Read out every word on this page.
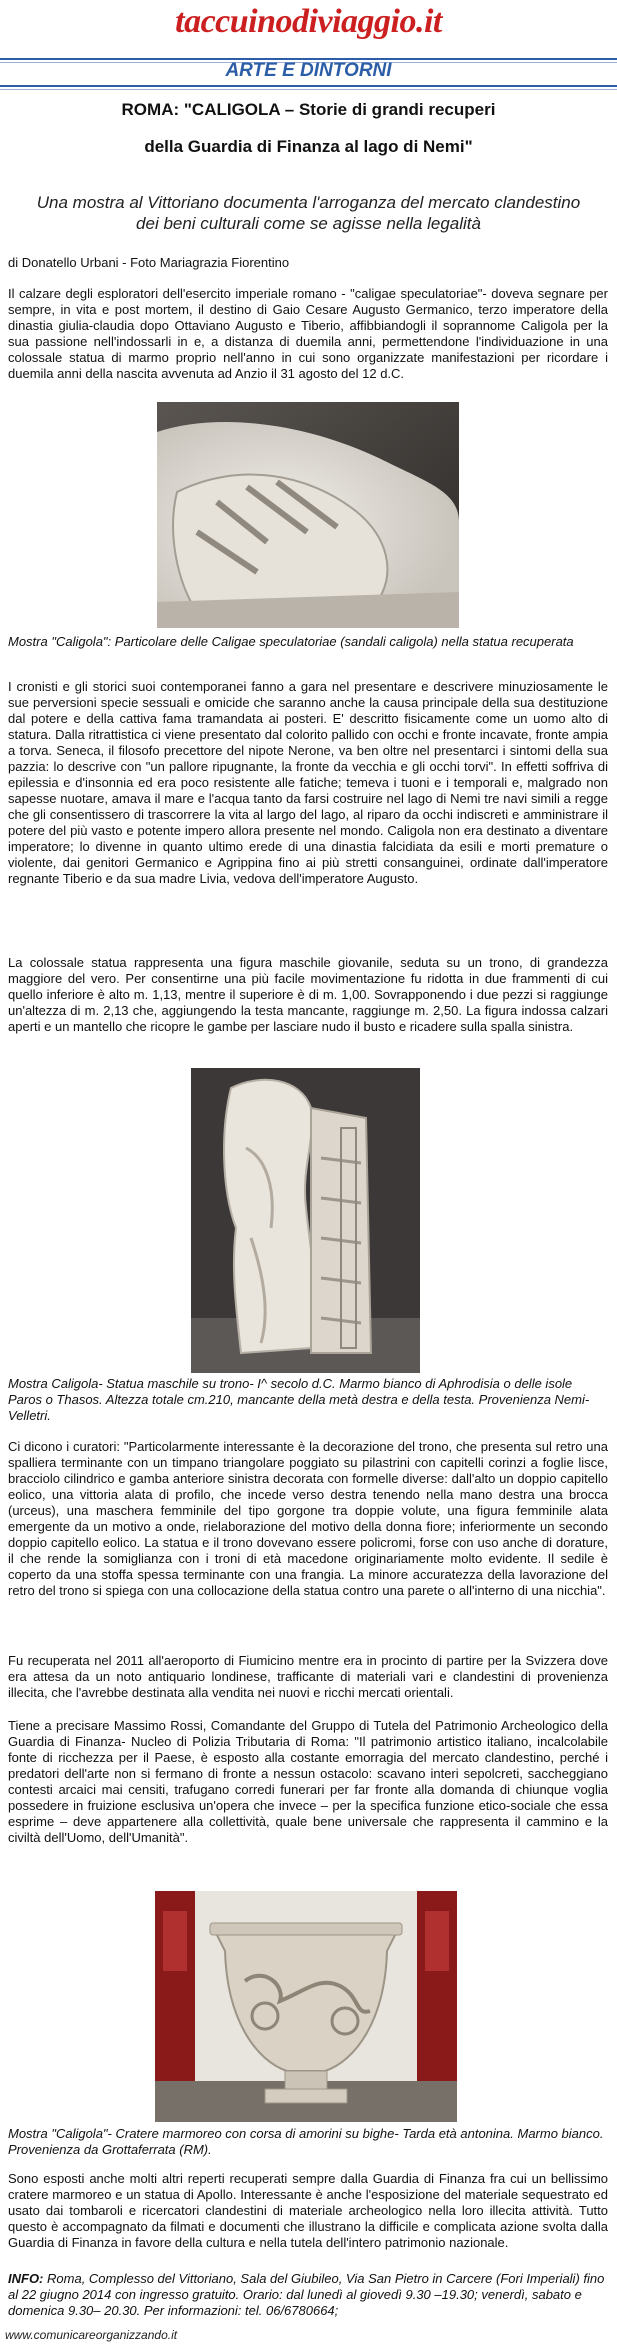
taccuinodiviaggio.it
ARTE E DINTORNI
ROMA: "CALIGOLA – Storie di grandi recuperi
della Guardia di Finanza al lago di Nemi"
Una mostra al Vittoriano documenta l'arroganza del mercato clandestino
dei beni culturali come se agisse nella legalità
di Donatello Urbani - Foto Mariagrazia Fiorentino
Il calzare degli esploratori dell'esercito imperiale romano - "caligae speculatoriae"- doveva segnare per sempre, in vita e post mortem, il destino di Gaio Cesare Augusto Germanico, terzo imperatore della dinastia giulia-claudia dopo Ottaviano Augusto e Tiberio, affibbiandogli il soprannome Caligola per la sua passione nell'indossarli in e, a distanza di duemila anni, permettendone l'individuazione in una colossale statua di marmo proprio nell'anno in cui sono organizzate manifestazioni per ricordare i duemila anni della nascita avvenuta ad Anzio il 31 agosto del 12 d.C.
Mostra "Caligola": Particolare delle Caligae speculatoriae (sandali caligola) nella statua recuperata
I cronisti e gli storici suoi contemporanei fanno a gara nel presentare e descrivere minuziosamente le sue perversioni specie sessuali e omicide che saranno anche la causa principale della sua destituzione dal potere e della cattiva fama tramandata ai posteri. E' descritto fisicamente come un uomo alto di statura. Dalla ritrattistica ci viene presentato dal colorito pallido con occhi e fronte incavate, fronte ampia a torva. Seneca, il filosofo precettore del nipote Nerone, va ben oltre nel presentarci i sintomi della sua pazzia: lo descrive con "un pallore ripugnante, la fronte da vecchia e gli occhi torvi". In effetti soffriva di epilessia e d'insonnia ed era poco resistente alle fatiche; temeva i tuoni e i temporali e, malgrado non sapesse nuotare, amava il mare e l'acqua tanto da farsi costruire nel lago di Nemi tre navi simili a regge che gli consentissero di trascorrere la vita al largo del lago, al riparo da occhi indiscreti e amministrare il potere del più vasto e potente impero allora presente nel mondo. Caligola non era destinato a diventare imperatore; lo divenne in quanto ultimo erede di una dinastia falcidiata da esili e morti premature o violente, dai genitori Germanico e Agrippina fino ai più stretti consanguinei, ordinate dall'imperatore regnante Tiberio e da sua madre Livia, vedova dell'imperatore Augusto.
La colossale statua rappresenta una figura maschile giovanile, seduta su un trono, di grandezza maggiore del vero. Per consentirne una più facile movimentazione fu ridotta in due frammenti di cui quello inferiore è alto m. 1,13, mentre il superiore è di m. 1,00. Sovrapponendo i due pezzi si raggiunge un'altezza di m. 2,13 che, aggiungendo la testa mancante, raggiunge m. 2,50. La figura indossa calzari aperti e un mantello che ricopre le gambe per lasciare nudo il busto e ricadere sulla spalla sinistra.
Mostra Caligola- Statua maschile su trono- I^ secolo d.C. Marmo bianco di Aphrodisia o delle isole Paros o Thasos. Altezza totale cm.210, mancante della metà destra e della testa. Provenienza Nemi-Velletri.
Ci dicono i curatori: "Particolarmente interessante è la decorazione del trono, che presenta sul retro una spalliera terminante con un timpano triangolare poggiato su pilastrini con capitelli corinzi a foglie lisce, bracciolo cilindrico e gamba anteriore sinistra decorata con formelle diverse: dall'alto un doppio capitello eolico, una vittoria alata di profilo, che incede verso destra tenendo nella mano destra una brocca (urceus), una maschera femminile del tipo gorgone tra doppie volute, una figura femminile alata emergente da un motivo a onde, rielaborazione del motivo della donna fiore; inferiormente un secondo doppio capitello eolico. La statua e il trono dovevano essere policromi, forse con uso anche di dorature, il che rende la somiglianza con i troni di età macedone originariamente molto evidente. Il sedile è coperto da una stoffa spessa terminante con una frangia. La minore accuratezza della lavorazione del retro del trono si spiega con una collocazione della statua contro una parete o all'interno di una nicchia".
Fu recuperata nel 2011 all'aeroporto di Fiumicino mentre era in procinto di partire per la Svizzera dove era attesa da un noto antiquario londinese, trafficante di materiali vari e clandestini di provenienza illecita, che l'avrebbe destinata alla vendita nei nuovi e ricchi mercati orientali.
Tiene a precisare Massimo Rossi, Comandante del Gruppo di Tutela del Patrimonio Archeologico della Guardia di Finanza- Nucleo di Polizia Tributaria di Roma: "Il patrimonio artistico italiano, incalcolabile fonte di ricchezza per il Paese, è esposto alla costante emorragia del mercato clandestino, perché i predatori dell'arte non si fermano di fronte a nessun ostacolo: scavano interi sepolcreti, saccheggiano contesti arcaici mai censiti, trafugano corredi funerari per far fronte alla domanda di chiunque voglia possedere in fruizione esclusiva un'opera che invece – per la specifica funzione etico-sociale che essa esprime – deve appartenere alla collettività, quale bene universale che rappresenta il cammino e la civiltà dell'Uomo, dell'Umanità".
Mostra "Caligola"- Cratere marmoreo con corsa di amorini su bighe- Tarda età antonina. Marmo bianco. Provenienza da Grottaferrata (RM).
Sono esposti anche molti altri reperti recuperati sempre dalla Guardia di Finanza fra cui un bellissimo cratere marmoreo e un statua di Apollo. Interessante è anche l'esposizione del materiale sequestrato ed usato dai tombaroli e ricercatori clandestini di materiale archeologico nella loro illecita attività. Tutto questo è accompagnato da filmati e documenti che illustrano la difficile e complicata azione svolta dalla Guardia di Finanza in favore della cultura e nella tutela dell'intero patrimonio nazionale.
INFO: Roma, Complesso del Vittoriano, Sala del Giubileo, Via San Pietro in Carcere (Fori Imperiali) fino al 22 giugno 2014 con ingresso gratuito. Orario: dal lunedì al giovedì 9.30 –19.30; venerdì, sabato e domenica 9.30– 20.30. Per informazioni: tel. 06/6780664;
www.comunicareorganizzando.it
